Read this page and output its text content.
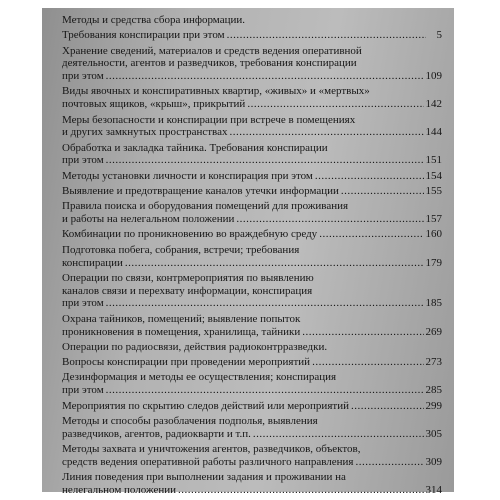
Методы и средства сбора информации.
Требования конспирации при этом .....	5
Хранение сведений, материалов и средств ведения оперативной
деятельности, агентов и разведчиков, требования конспирации
при этом .....	109
Виды явочных и конспиративных квартир, «живых» и «мертвых»
почтовых ящиков, «крыш», прикрытий .....	142
Меры безопасности и конспирации при встрече в помещениях
и других замкнутых пространствах .....	144
Обработка и закладка тайника. Требования конспирации
при этом .....	151
Методы установки личности и конспирация при этом .....	154
Выявление и предотвращение каналов утечки информации .....	155
Правила поиска и оборудования помещений для проживания
и работы на нелегальном положении .....	157
Комбинации по проникновению во враждебную среду .....	160
Подготовка побега, собрания, встречи; требования
конспирации .....	179
Операции по связи, контрмероприятия по выявлению
каналов связи и перехвату информации, конспирация
при этом .....	185
Охрана тайников, помещений; выявление попыток
проникновения в помещения, хранилища, тайники .....	269
Операции по радиосвязи, действия радиоконтрразведки.
Вопросы конспирации при проведении мероприятий .....	273
Дезинформация и методы ее осуществления; конспирация
при этом .....	285
Мероприятия по скрытию следов действий или мероприятий .....	299
Методы и способы разоблачения подполья, выявления
разведчиков, агентов, радиокварти и т.п. .....	305
Методы захвата и уничтожения агентов, разведчиков, объектов,
средств ведения оперативной работы различного направления .....	309
Линия поведения при выполнении задания и проживании на
нелегальном положении .....	314
